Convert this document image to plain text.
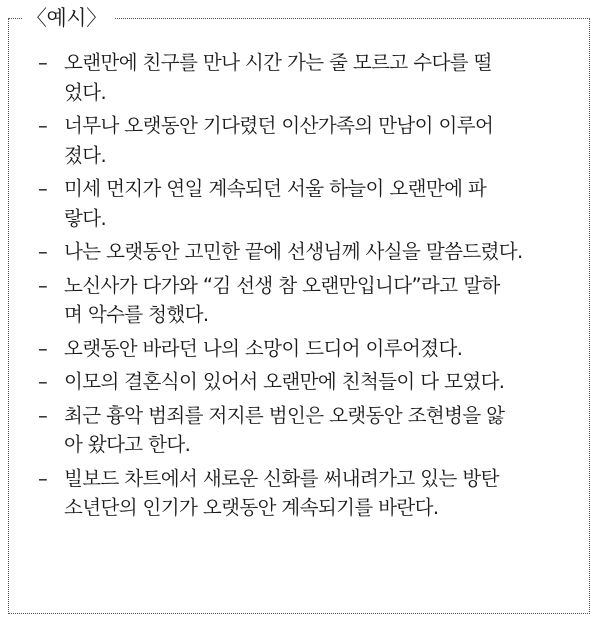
〈예시〉
– 오랜만에 친구를 만나 시간 가는 줄 모르고 수다를 떨
었다.
– 너무나 오랫동안 기다렸던 이산가족의 만남이 이루어
졌다.
– 미세 먼지가 연일 계속되던 서울 하늘이 오랜만에 파
랗다.
– 나는 오랫동안 고민한 끝에 선생님께 사실을 말씀드렸다.
– 노신사가 다가와 “김 선생 참 오랜만입니다”라고 말하
며 악수를 청했다.
– 오랫동안 바라던 나의 소망이 드디어 이루어졌다.
– 이모의 결혼식이 있어서 오랜만에 친척들이 다 모였다.
– 최근 흉악 범죄를 저지른 범인은 오랫동안 조현병을 앓
아 왔다고 한다.
– 빌보드 차트에서 새로운 신화를 써내려가고 있는 방탄
소년단의 인기가 오랫동안 계속되기를 바란다.
